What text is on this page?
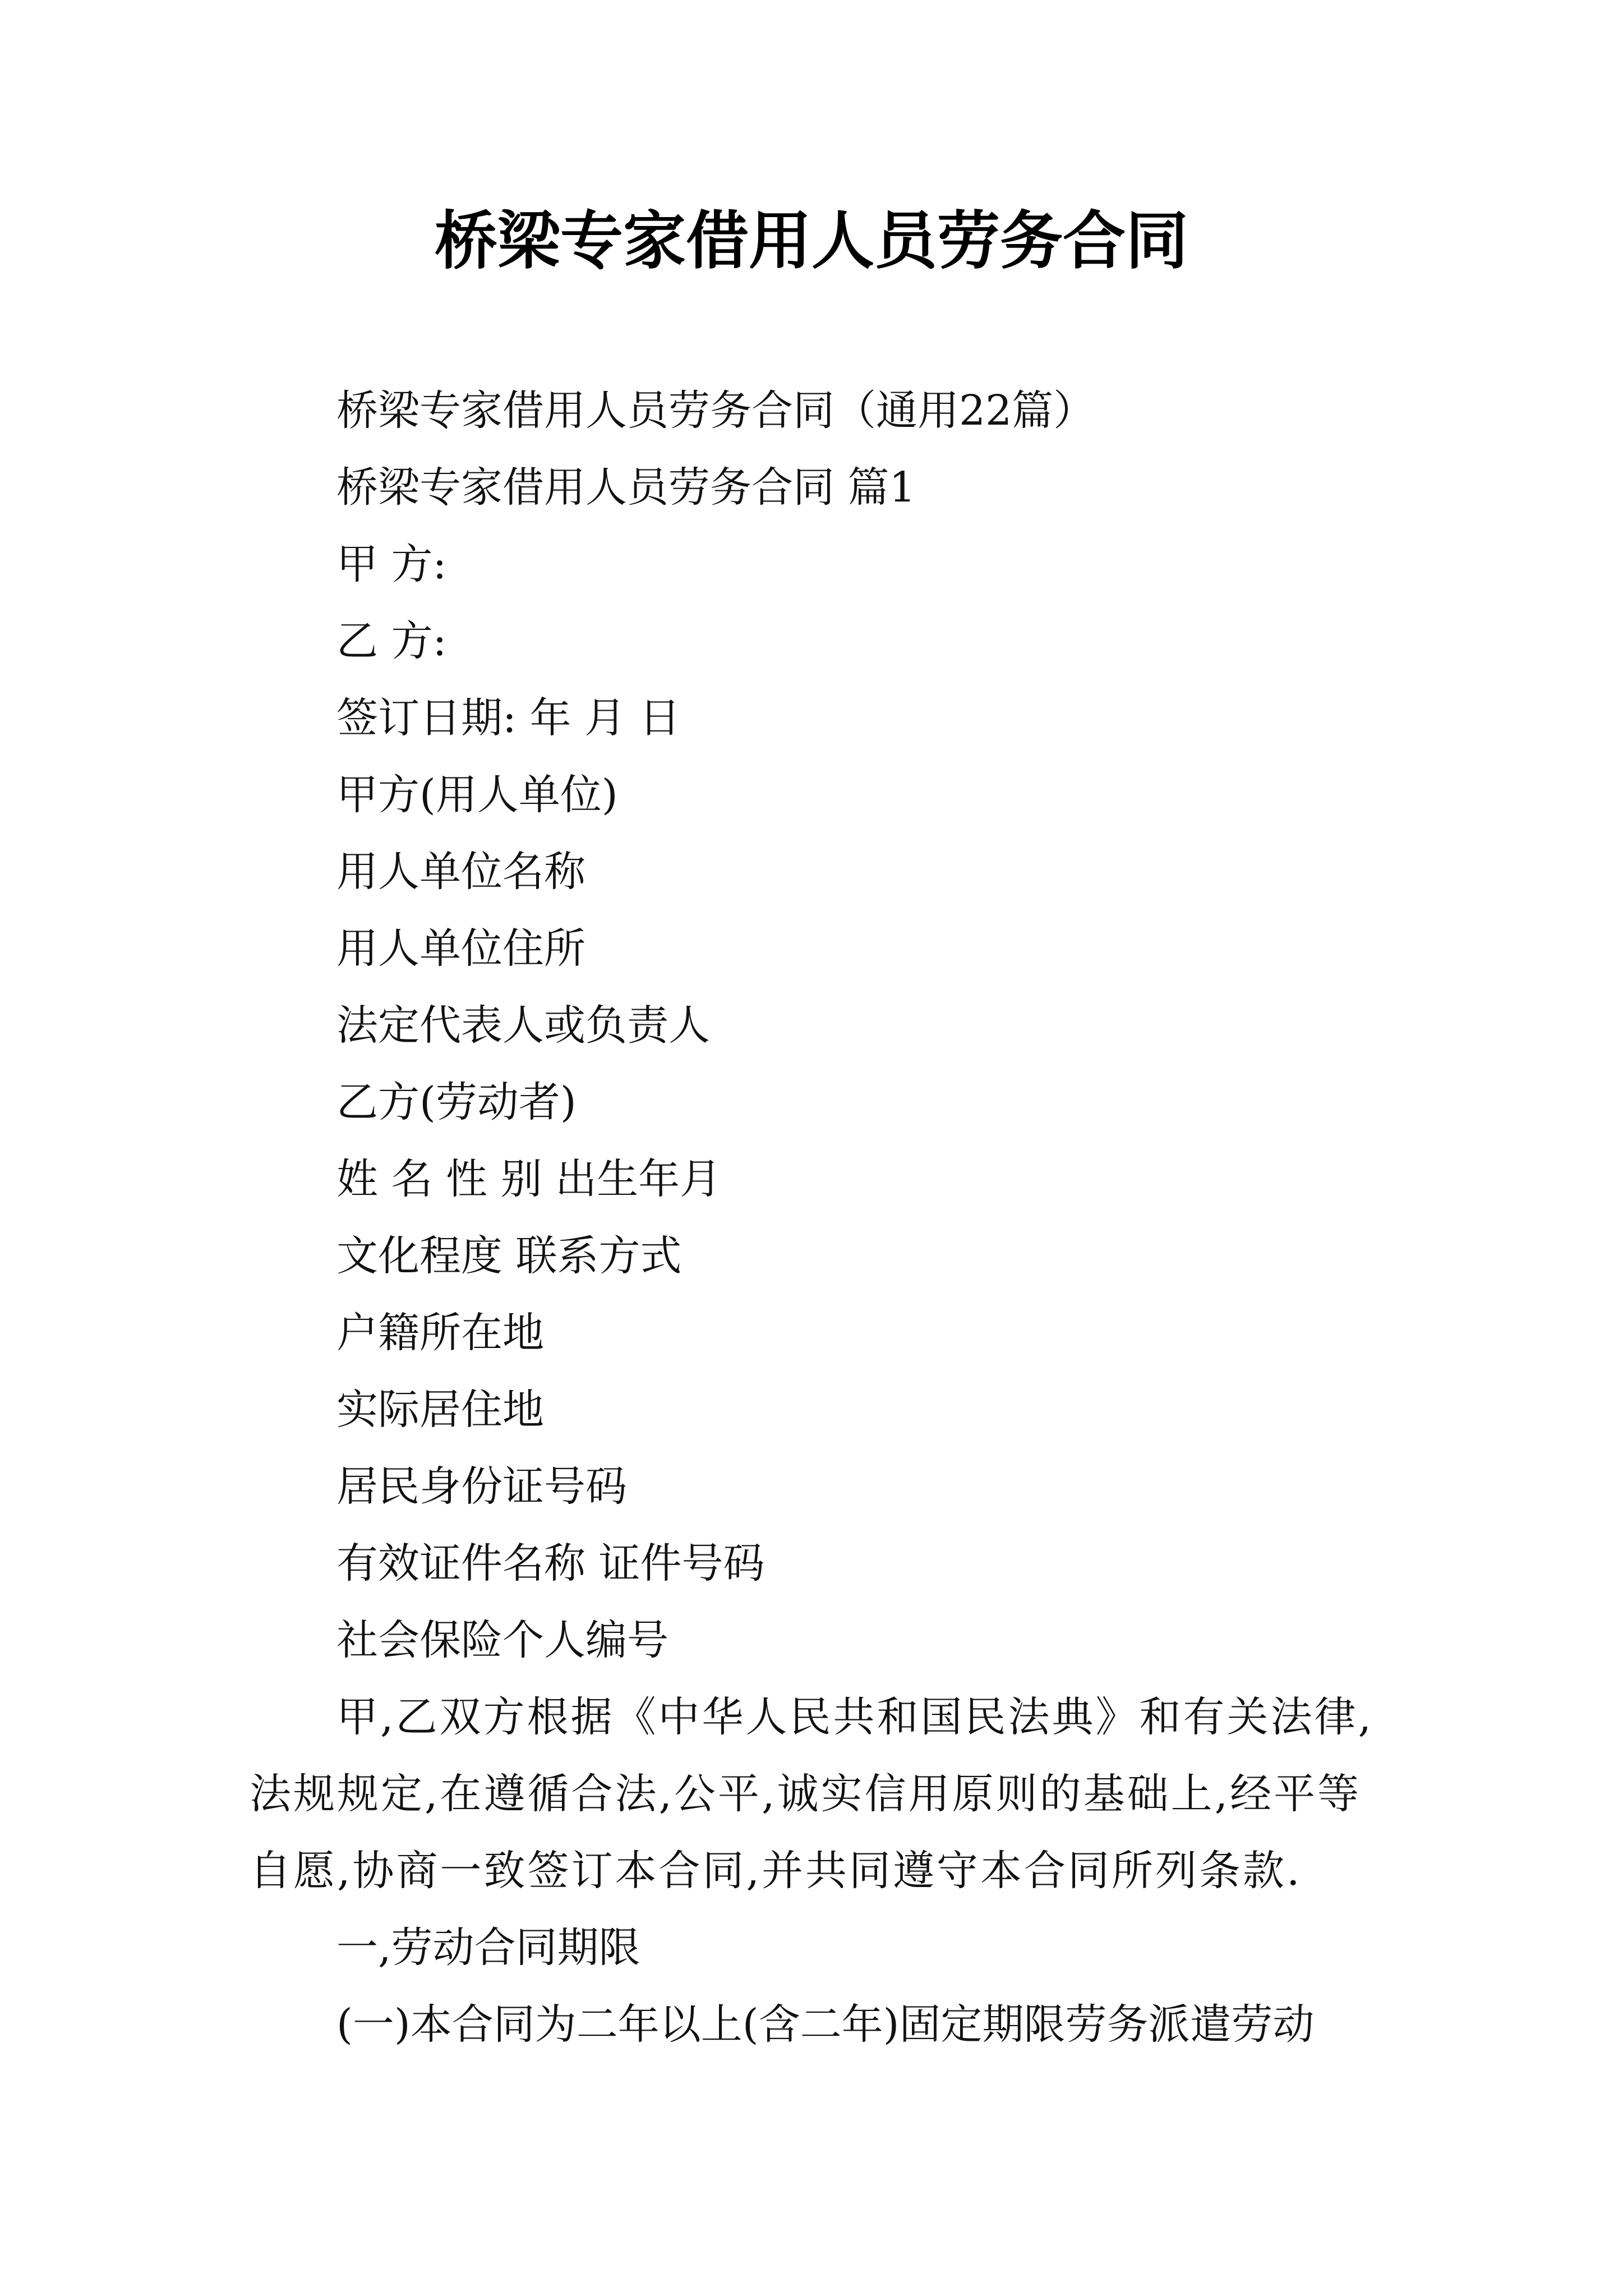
桥梁专家借用人员劳务合同
桥梁专家借用人员劳务合同（通用22篇）
桥梁专家借用人员劳务合同 篇1
甲 方:
乙 方:
签订日期: 年 月 日
甲方(用人单位)
用人单位名称
用人单位住所
法定代表人或负责人
乙方(劳动者)
姓 名 性 别 出生年月
文化程度 联系方式
户籍所在地
实际居住地
居民身份证号码
有效证件名称 证件号码
社会保险个人编号
甲,乙双方根据《中华人民共和国民法典》和有关法律,法规规定,在遵循合法,公平,诚实信用原则的基础上,经平等自愿,协商一致签订本合同,并共同遵守本合同所列条款.
一,劳动合同期限
(一)本合同为二年以上(含二年)固定期限劳务派遣劳动
